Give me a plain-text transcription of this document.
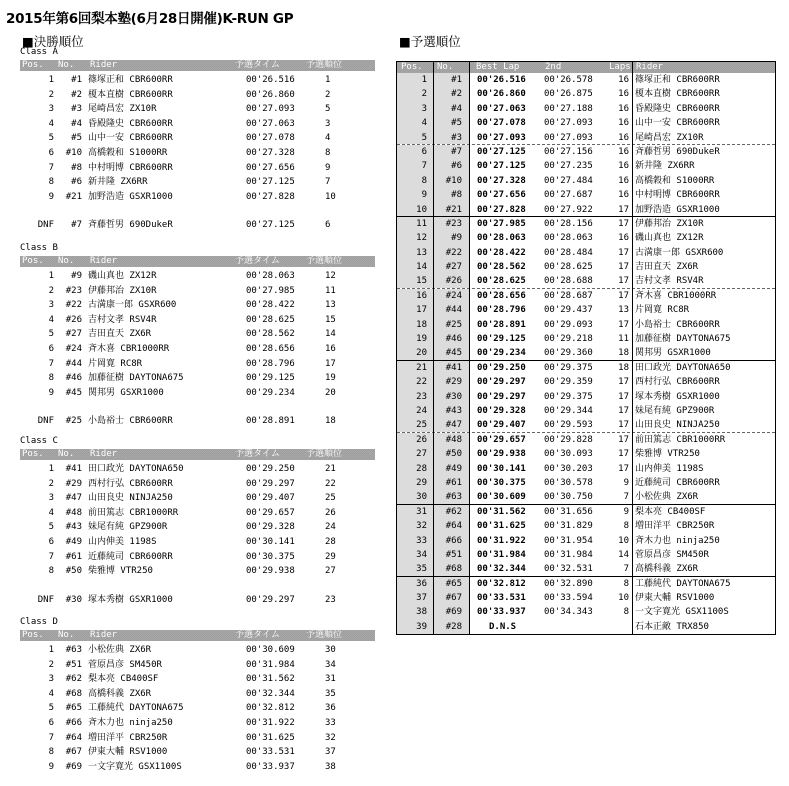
2015年第6回梨本塾(6月28日開催)K-RUN GP
■決勝順位	■予選順位
Class A
Pos. No. Rider	予選タイム	予選順位
1	#1 篠塚正和 CBR600RR	00'26.516	1
2	#2 榎本直樹 CBR600RR	00'26.860	2
3	#3 尾崎昌宏 ZX10R	00'27.093	5
4	#4 昏殿隆史 CBR600RR	00'27.063	3
5	#5 山中一安 CBR600RR	00'27.078	4
6	#10 高橋穀和 S1000RR	00'27.328	8
7	#8 中村明博 CBR600RR	00'27.656	9
8	#6 新井隆 ZX6RR	00'27.125	7
9	#21 加野浩造 GSXR1000	00'27.828	10
DNF	#7 斉藤哲男 690DukeR	00'27.125	6
Class B
Pos. No. Rider	予選タイム	予選順位
1	#9 磯山真也 ZX12R	00'28.063	12
2	#23 伊藤邦治 ZX10R	00'27.985	11
3	#22 古満康一郎 GSXR600	00'28.422	13
4	#26 吉村文孝 RSV4R	00'28.625	15
5	#27 吉田直天 ZX6R	00'28.562	14
6	#24 斉木喜 CBR1000RR	00'28.656	16
7	#44 片岡寛 RC8R	00'28.796	17
8	#46 加藤征樹 DAYTONA675	00'29.125	19
9	#45 関邦男 GSXR1000	00'29.234	20
DNF	#25 小島裕士 CBR600RR	00'28.891	18
Class C
Pos. No. Rider	予選タイム	予選順位
1	#41 田口政光 DAYTONA650	00'29.250	21
2	#29 西村行弘 CBR600RR	00'29.297	22
3	#47 山田良史 NINJA250	00'29.407	25
4	#48 前田篤志 CBR1000RR	00'29.657	26
5	#43 妹尾有純 GPZ900R	00'29.328	24
6	#49 山内伸美 1198S	00'30.141	28
7	#61 近藤純司 CBR600RR	00'30.375	29
8	#50 柴雅博 VTR250	00'29.938	27
DNF	#30 塚本秀樹 GSXR1000	00'29.297	23
Class D
Pos. No. Rider	予選タイム	予選順位
1	#63 小松佐典 ZX6R	00'30.609	30
2	#51 菅原昌彦 SM450R	00'31.984	34
3	#62 梨本亮 CB400SF	00'31.562	31
4	#68 高橋科義 ZX6R	00'32.344	35
5	#65 工藤純代 DAYTONA675	00'32.812	36
6	#66 斉木力也 ninja250	00'31.922	33
7	#64 増田洋平 CBR250R	00'31.625	32
8	#67 伊東大輔 RSV1000	00'33.531	37
9	#69 一文字寛光 GSX1100S	00'33.937	38
Pos. No.	Best Lap	2nd	Laps Rider
1	#1 00'26.516 00'26.578	16 篠塚正和 CBR600RR
2	#2 00'26.860 00'26.875	16 榎本直樹 CBR600RR
3	#4 00'27.063 00'27.188	16 昏殿隆史 CBR600RR
4	#5 00'27.078 00'27.093	16 山中一安 CBR600RR
5	#3 00'27.093 00'27.093	16 尾崎昌宏 ZX10R
6	#7 00'27.125 00'27.156	16 斉藤哲男 690DukeR
7	#6 00'27.125 00'27.235	16 新井隆 ZX6RR
8	#10 00'27.328 00'27.484	16 高橋穀和 S1000RR
9	#8 00'27.656 00'27.687	16 中村明博 CBR600RR
10	#21 00'27.828 00'27.922	17 加野浩造 GSXR1000
11	#23 00'27.985 00'28.156	17 伊藤邦治 ZX10R
12	#9 00'28.063 00'28.063	16 磯山真也 ZX12R
13	#22 00'28.422 00'28.484	17 古満康一郎 GSXR600
14	#27 00'28.562 00'28.625	17 吉田直天 ZX6R
15	#26 00'28.625 00'28.688	17 吉村文孝 RSV4R
16	#24 00'28.656 00'28.687	17 斉木喜 CBR1000RR
17	#44 00'28.796 00'29.437	13 片岡寛 RC8R
18	#25 00'28.891 00'29.093	17 小島裕士 CBR600RR
19	#46 00'29.125 00'29.218	11 加藤征樹 DAYTONA675
20	#45 00'29.234 00'29.360	18 関邦男 GSXR1000
21	#41 00'29.250 00'29.375	18 田口政光 DAYTONA650
22	#29 00'29.297 00'29.359	17 西村行弘 CBR600RR
23	#30 00'29.297 00'29.375	17 塚本秀樹 GSXR1000
24	#43 00'29.328 00'29.344	17 妹尾有純 GPZ900R
25	#47 00'29.407 00'29.593	17 山田良史 NINJA250
26	#48 00'29.657 00'29.828	17 前田篤志 CBR1000RR
27	#50 00'29.938 00'30.093	17 柴雅博 VTR250
28	#49 00'30.141 00'30.203	17 山内伸美 1198S
29	#61 00'30.375 00'30.578	9 近藤純司 CBR600RR
30	#63 00'30.609 00'30.750	7 小松佐典 ZX6R
31	#62 00'31.562 00'31.656	9 梨本亮 CB400SF
32	#64 00'31.625 00'31.829	8 増田洋平 CBR250R
33	#66 00'31.922 00'31.954	10 斉木力也 ninja250
34	#51 00'31.984 00'31.984	14 菅原昌彦 SM450R
35	#68 00'32.344 00'32.531	7 高橋科義 ZX6R
36	#65 00'32.812 00'32.890	8 工藤純代 DAYTONA675
37	#67 00'33.531 00'33.594	10 伊東大輔 RSV1000
38	#69 00'33.937 00'34.343	8 一文字寛光 GSX1100S
39	#28	D.N.S	石本正敵 TRX850
